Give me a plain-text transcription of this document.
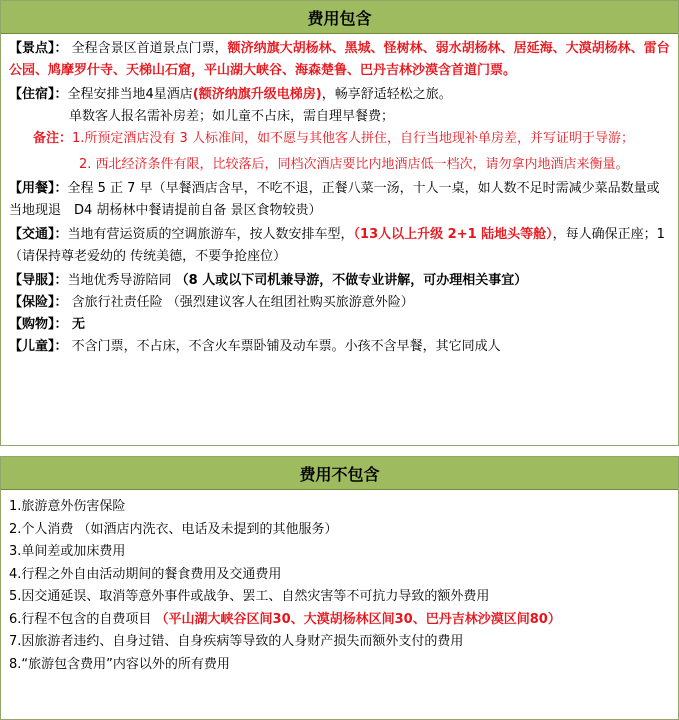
费用包含

【景点】： 全程含景区首道景点门票，额济纳旗大胡杨林、黑城、怪树林、弱水胡杨林、居延海、大漠胡杨林、雷台公园、鸠摩罗什寺、天梯山石窟，平山湖大峡谷、海森楚鲁、巴丹吉林沙漠含首道门票。

【住宿】：全程安排当地4星酒店(额济纳旗升级电梯房)，畅享舒适轻松之旅。

单数客人报名需补房差；如儿童不占床，需自理早餐费；

备注：1.所预定酒店没有 3 人标准间，如不愿与其他客人拼住，自行当地现补单房差，并写证明于导游；

2. 西北经济条件有限，比较落后，同档次酒店要比内地酒店低一档次，请勿拿内地酒店来衡量。

【用餐】：全程 5 正 7 早（早餐酒店含早，不吃不退，正餐八菜一汤，十人一桌，如人数不足时需减少菜品数量或当地现退　D4 胡杨林中餐请提前自备 景区食物较贵）

【交通】：当地有营运资质的空调旅游车，按人数安排车型，（13人以上升级 2+1 陆地头等舱），每人确保正座；1 （请保持尊老爱幼的 传统美德，不要争抢座位）

【导服】：当地优秀导游陪同 （8 人或以下司机兼导游，不做专业讲解，可办理相关事宜）

【保险】： 含旅行社责任险 （强烈建议客人在组团社购买旅游意外险）

【购物】： 无

【儿童】： 不含门票，不占床，不含火车票卧铺及动车票。小孩不含早餐，其它同成人

费用不包含

1.旅游意外伤害保险

2.个人消费 （如酒店内洗衣、电话及未提到的其他服务）

3.单间差或加床费用

4.行程之外自由活动期间的餐食费用及交通费用

5.因交通延误、取消等意外事件或战争、罢工、自然灾害等不可抗力导致的额外费用

6.行程不包含的自费项目 （平山湖大峡谷区间30、大漠胡杨林区间30、巴丹吉林沙漠区间80）

7.因旅游者违约、自身过错、自身疾病等导致的人身财产损失而额外支付的费用

8.“旅游包含费用”内容以外的所有费用
